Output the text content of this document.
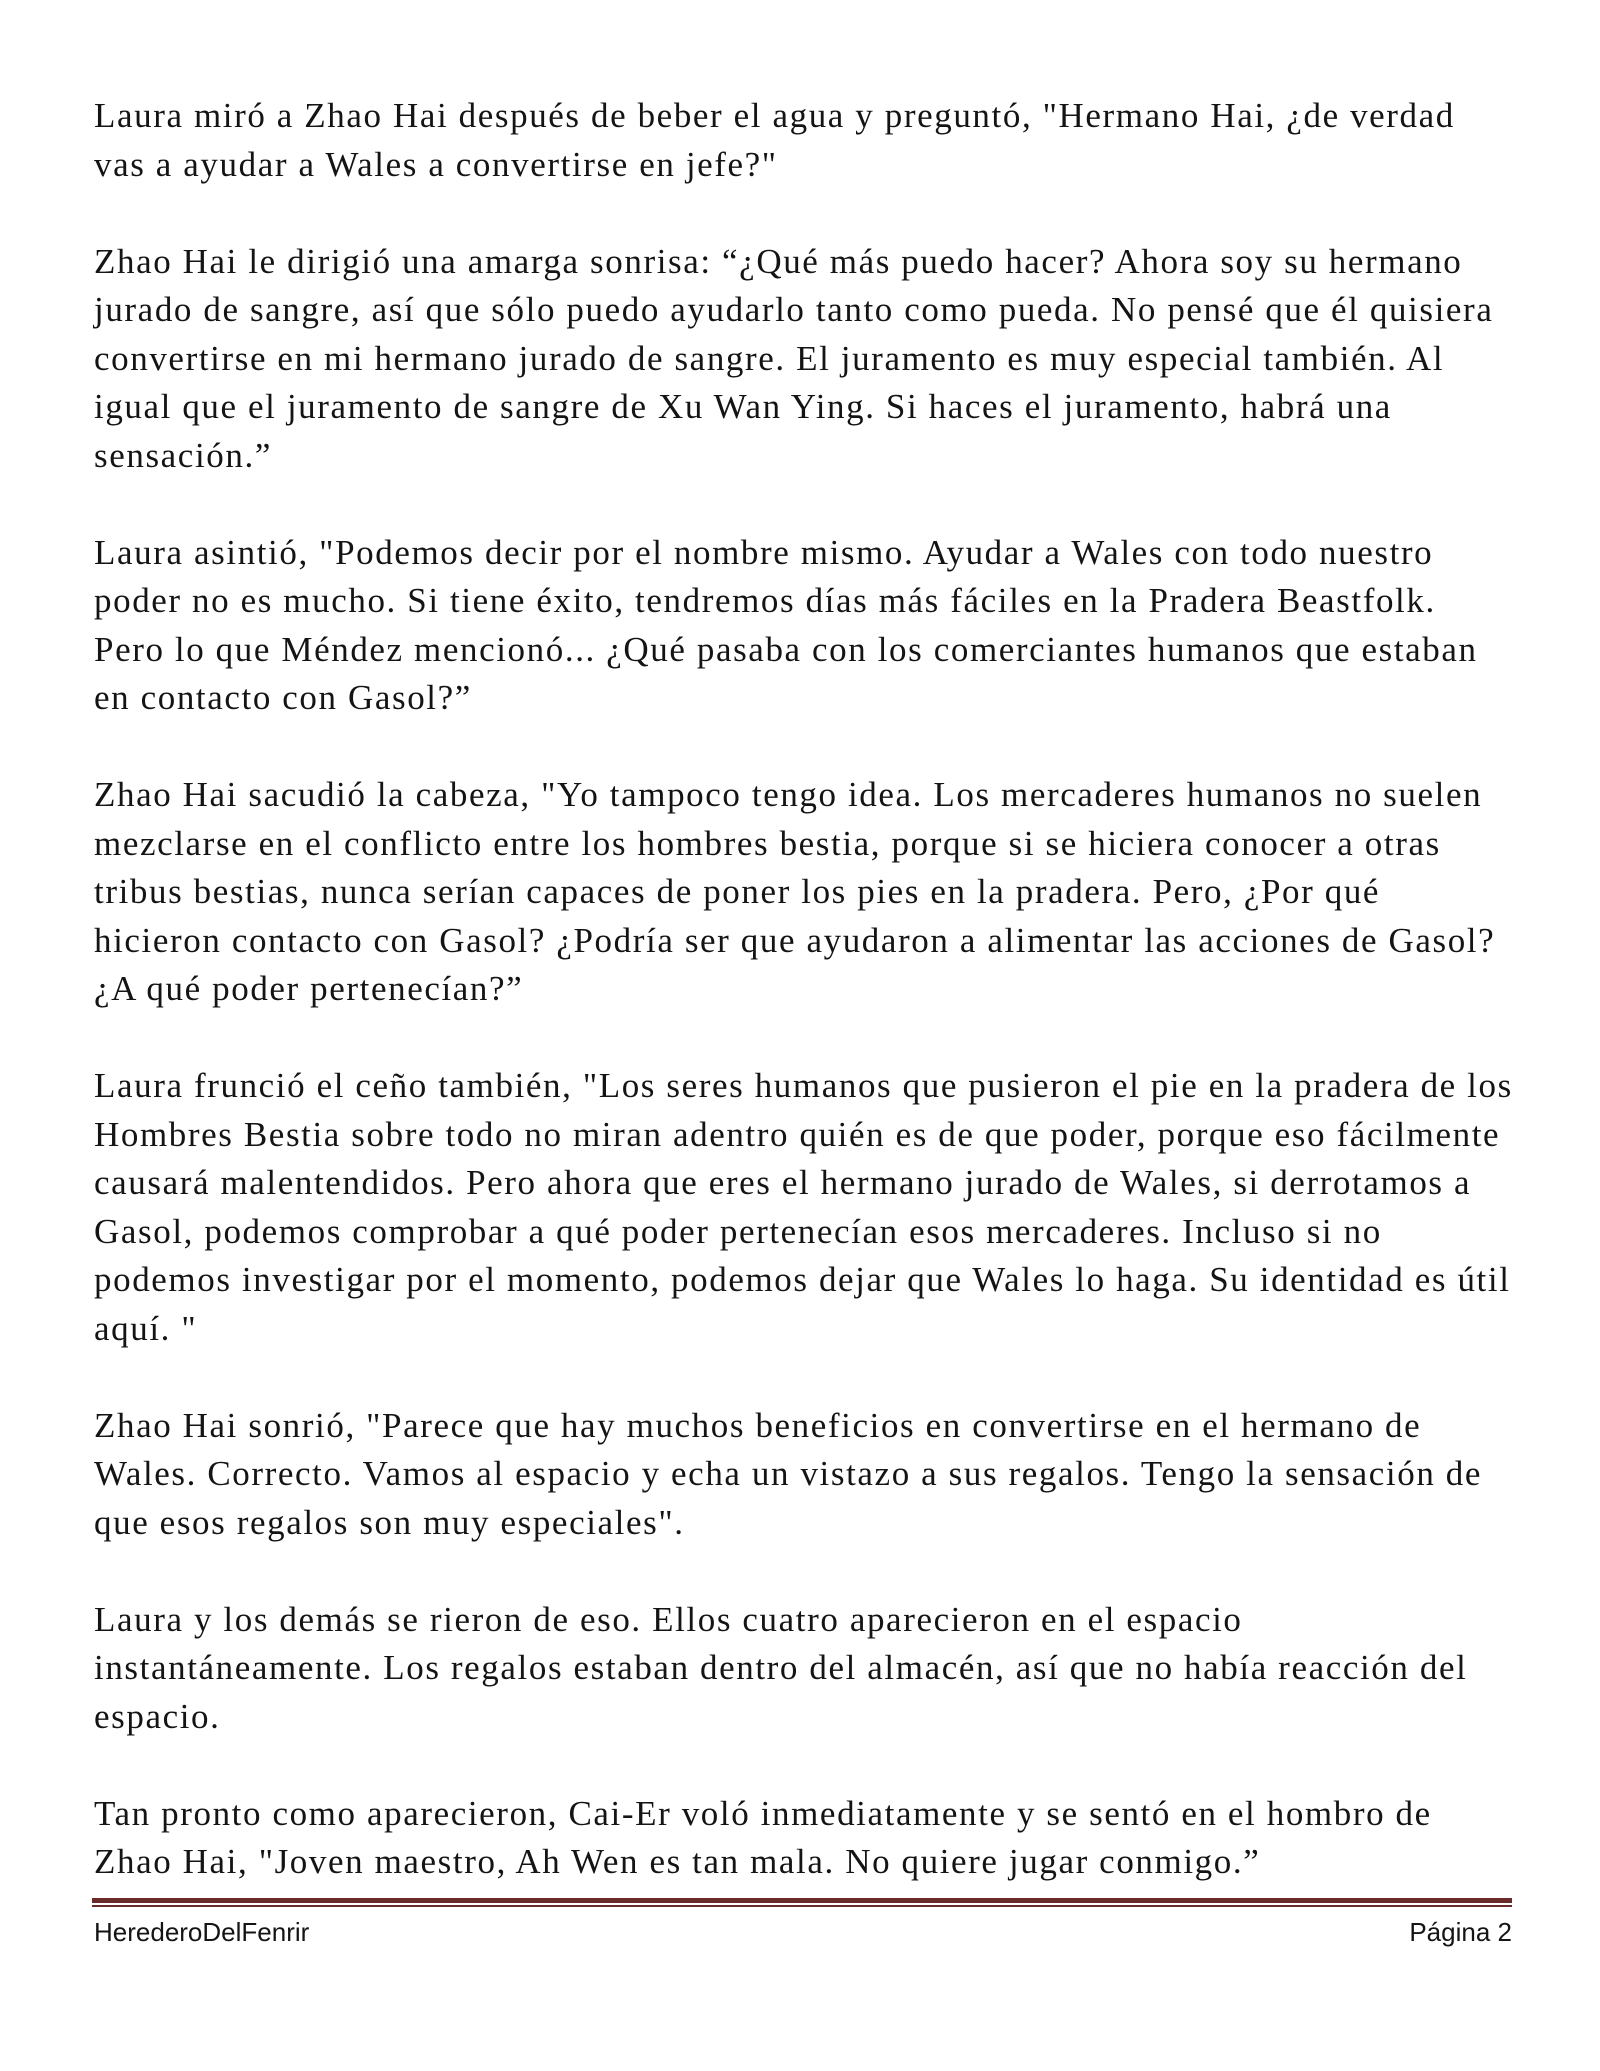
Laura miró a Zhao Hai después de beber el agua y preguntó, "Hermano Hai, ¿de verdad vas a ayudar a Wales a convertirse en jefe?"

Zhao Hai le dirigió una amarga sonrisa: “¿Qué más puedo hacer? Ahora soy su hermano jurado de sangre, así que sólo puedo ayudarlo tanto como pueda. No pensé que él quisiera convertirse en mi hermano jurado de sangre. El juramento es muy especial también. Al igual que el juramento de sangre de Xu Wan Ying. Si haces el juramento, habrá una sensación.”

Laura asintió, "Podemos decir por el nombre mismo. Ayudar a Wales con todo nuestro poder no es mucho. Si tiene éxito, tendremos días más fáciles en la Pradera Beastfolk. Pero lo que Méndez mencionó... ¿Qué pasaba con los comerciantes humanos que estaban en contacto con Gasol?”

Zhao Hai sacudió la cabeza, "Yo tampoco tengo idea. Los mercaderes humanos no suelen mezclarse en el conflicto entre los hombres bestia, porque si se hiciera conocer a otras tribus bestias, nunca serían capaces de poner los pies en la pradera. Pero, ¿Por qué hicieron contacto con Gasol? ¿Podría ser que ayudaron a alimentar las acciones de Gasol? ¿A qué poder pertenecían?”

Laura frunció el ceño también, "Los seres humanos que pusieron el pie en la pradera de los Hombres Bestia sobre todo no miran adentro quién es de que poder, porque eso fácilmente causará malentendidos. Pero ahora que eres el hermano jurado de Wales, si derrotamos a Gasol, podemos comprobar a qué poder pertenecían esos mercaderes. Incluso si no podemos investigar por el momento, podemos dejar que Wales lo haga. Su identidad es útil aquí. "

Zhao Hai sonrió, "Parece que hay muchos beneficios en convertirse en el hermano de Wales. Correcto. Vamos al espacio y echa un vistazo a sus regalos. Tengo la sensación de que esos regalos son muy especiales".

Laura y los demás se rieron de eso. Ellos cuatro aparecieron en el espacio instantáneamente. Los regalos estaban dentro del almacén, así que no había reacción del espacio.

Tan pronto como aparecieron, Cai-Er voló inmediatamente y se sentó en el hombro de Zhao Hai, "Joven maestro, Ah Wen es tan mala. No quiere jugar conmigo.”

HerederoDelFenrir	Página 2
